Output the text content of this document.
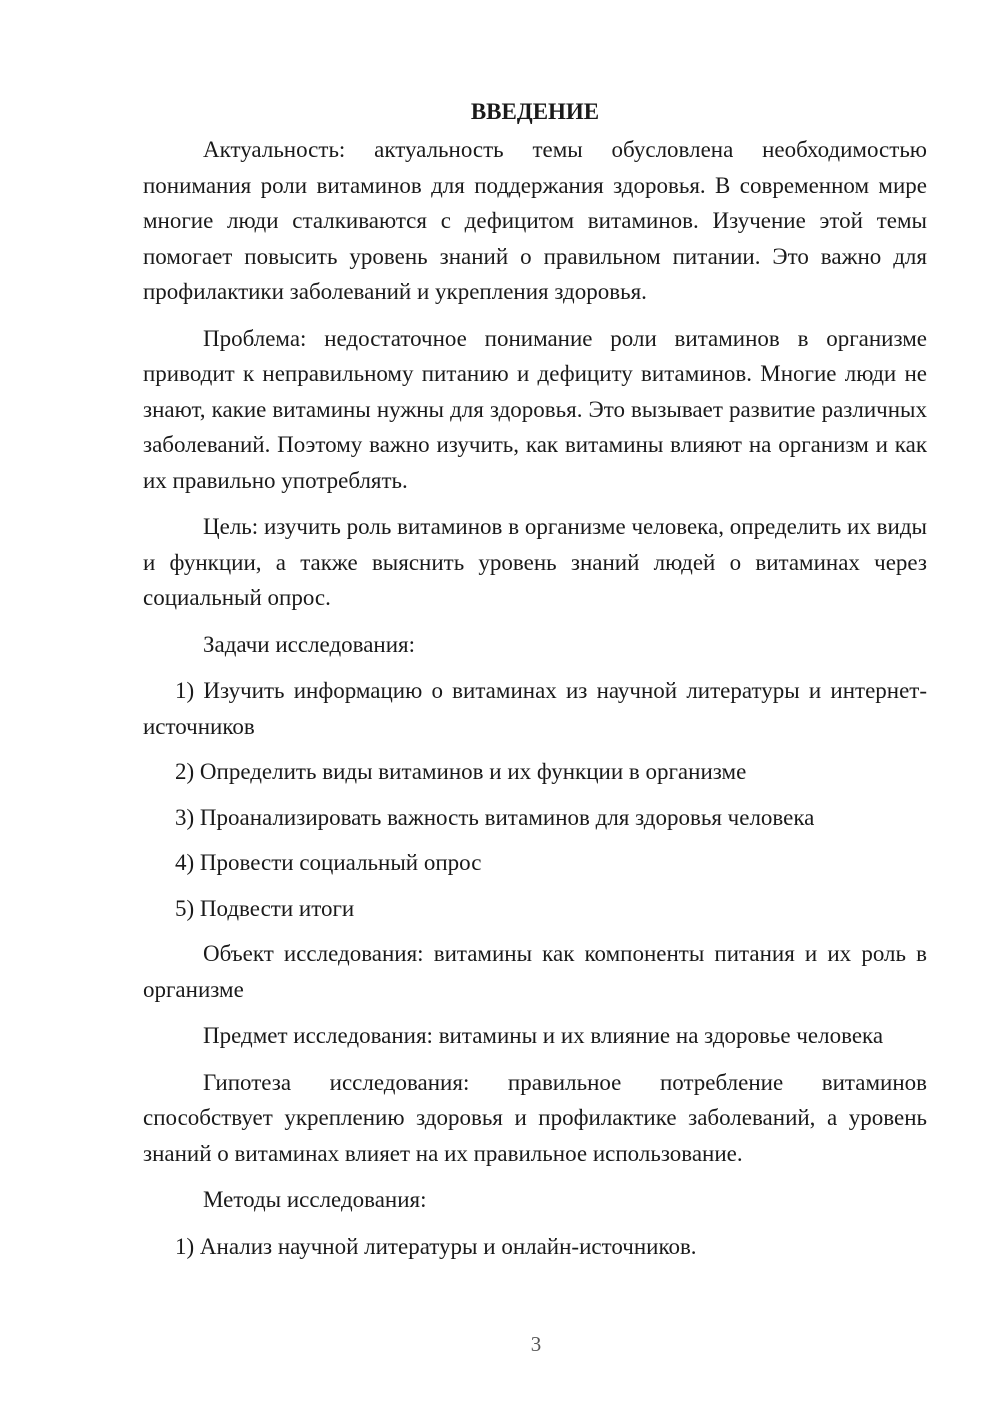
ВВЕДЕНИЕ

Актуальность: актуальность темы обусловлена необходимостью понимания роли витаминов для поддержания здоровья. В современном мире многие люди сталкиваются с дефицитом витаминов. Изучение этой темы помогает повысить уровень знаний о правильном питании. Это важно для профилактики заболеваний и укрепления здоровья.

Проблема: недостаточное понимание роли витаминов в организме приводит к неправильному питанию и дефициту витаминов. Многие люди не знают, какие витамины нужны для здоровья. Это вызывает развитие различных заболеваний. Поэтому важно изучить, как витамины влияют на организм и как их правильно употреблять.

Цель: изучить роль витаминов в организме человека, определить их виды и функции, а также выяснить уровень знаний людей о витаминах через социальный опрос.

Задачи исследования:

1) Изучить информацию о витаминах из научной литературы и интернет-источников

2) Определить виды витаминов и их функции в организме

3) Проанализировать важность витаминов для здоровья человека

4) Провести социальный опрос

5) Подвести итоги

Объект исследования: витамины как компоненты питания и их роль в организме

Предмет исследования: витамины и их влияние на здоровье человека

Гипотеза исследования: правильное потребление витаминов способствует укреплению здоровья и профилактике заболеваний, а уровень знаний о витаминах влияет на их правильное использование.

Методы исследования:

1) Анализ научной литературы и онлайн-источников.

3
